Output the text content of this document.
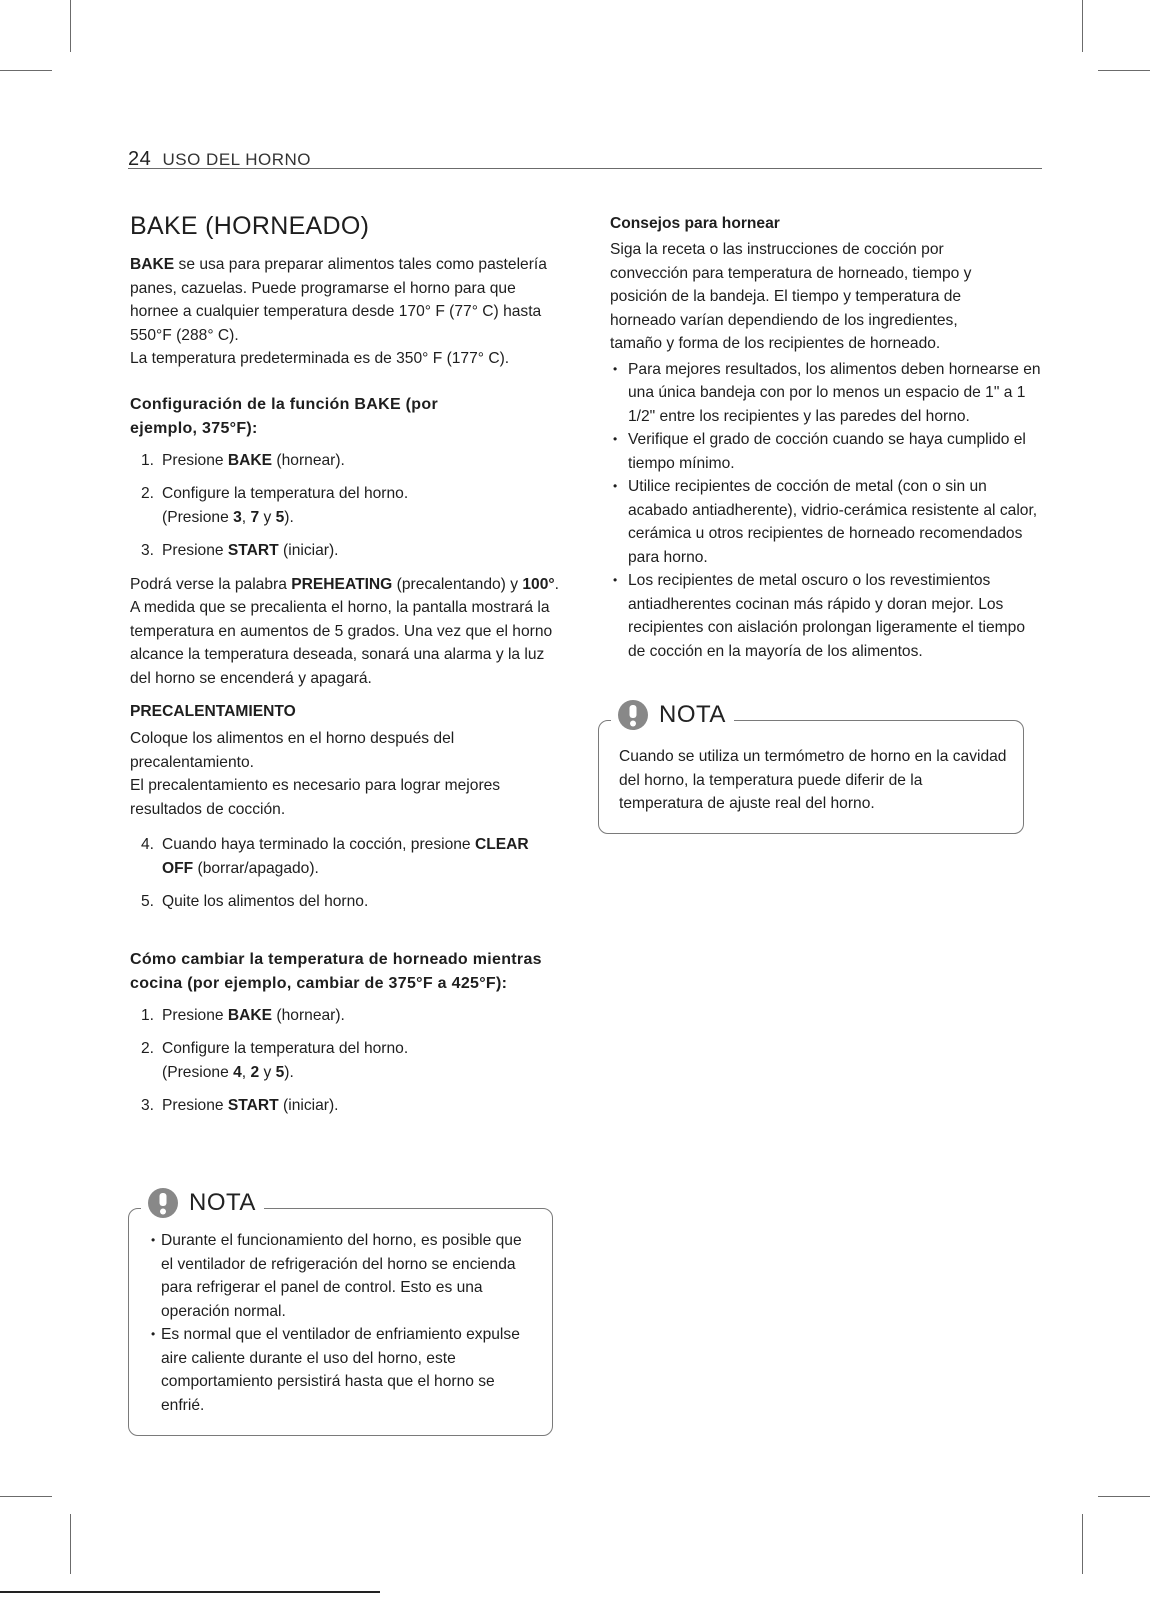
24 USO DEL HORNO
BAKE (HORNEADO)

BAKE se usa para preparar alimentos tales como pastelería panes, cazuelas. Puede programarse el horno para que hornee a cualquier temperatura desde 170° F (77° C) hasta 550°F (288° C).

La temperatura predeterminada es de 350° F (177° C).

Configuración de la función BAKE (por ejemplo, 375°F):

1. Presione BAKE (hornear).
2. Configure la temperatura del horno.
(Presione 3, 7 y 5).
3. Presione START (iniciar).

Podrá verse la palabra PREHEATING (precalentando) y 100°.

A medida que se precalienta el horno, la pantalla mostrará la temperatura en aumentos de 5 grados. Una vez que el horno alcance la temperatura deseada, sonará una alarma y la luz del horno se encenderá y apagará.

PRECALENTAMIENTO

Coloque los alimentos en el horno después del precalentamiento.

El precalentamiento es necesario para lograr mejores resultados de cocción.

4. Cuando haya terminado la cocción, presione CLEAR OFF (borrar/apagado).
5. Quite los alimentos del horno.

Cómo cambiar la temperatura de horneado mientras cocina (por ejemplo, cambiar de 375°F a 425°F):

1. Presione BAKE (hornear).
2. Configure la temperatura del horno.
(Presione 4, 2 y 5).
3. Presione START (iniciar).
NOTA
• Durante el funcionamiento del horno, es posible que el ventilador de refrigeración del horno se encienda para refrigerar el panel de control. Esto es una operación normal.
• Es normal que el ventilador de enfriamiento expulse aire caliente durante el uso del horno, este comportamiento persistirá hasta que el horno se enfrié.

Consejos para hornear

Siga la receta o las instrucciones de cocción por convección para temperatura de horneado, tiempo y posición de la bandeja. El tiempo y temperatura de horneado varían dependiendo de los ingredientes, tamaño y forma de los recipientes de horneado.

• Para mejores resultados, los alimentos deben hornearse en una única bandeja con por lo menos un espacio de 1" a 1 1/2" entre los recipientes y las paredes del horno.
• Verifique el grado de cocción cuando se haya cumplido el tiempo mínimo.
• Utilice recipientes de cocción de metal (con o sin un acabado antiadherente), vidrio-cerámica resistente al calor, cerámica u otros recipientes de horneado recomendados para horno.
• Los recipientes de metal oscuro o los revestimientos antiadherentes cocinan más rápido y doran mejor. Los recipientes con aislación prolongan ligeramente el tiempo de cocción en la mayoría de los alimentos.
NOTA

Cuando se utiliza un termómetro de horno en la cavidad del horno, la temperatura puede diferir de la temperatura de ajuste real del horno.
